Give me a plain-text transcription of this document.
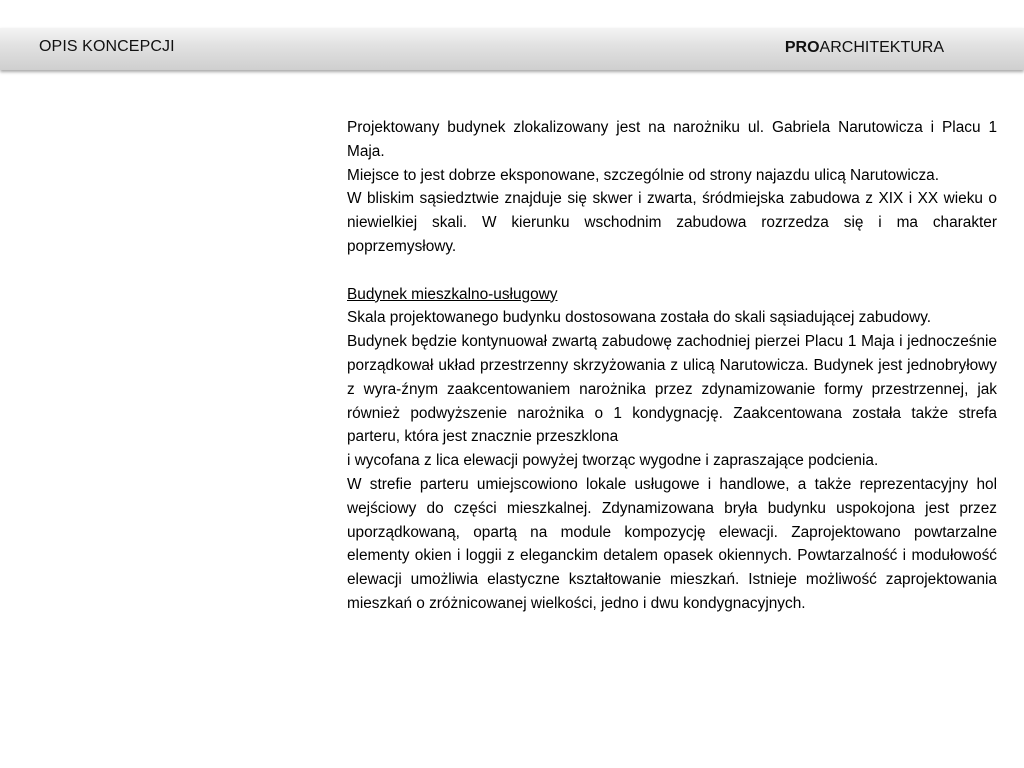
OPIS KONCEPCJI	PROARCHITEKTURA

Projektowany budynek zlokalizowany jest na narożniku ul. Gabriela Narutowicza i Placu 1 Maja.

Miejsce to jest dobrze eksponowane, szczególnie od strony najazdu ulicą Narutowicza.

W bliskim sąsiedztwie znajduje się skwer i zwarta, śródmiejska zabudowa z XIX i XX wieku o niewielkiej skali. W kierunku wschodnim zabudowa rozrzedza się i ma charakter poprzemysłowy.

Budynek mieszkalno-usługowy

Skala projektowanego budynku dostosowana została do skali sąsiadującej zabudowy.

Budynek będzie kontynuował zwartą zabudowę zachodniej pierzei Placu 1 Maja i jednocześnie porządkował układ przestrzenny skrzyżowania z ulicą Narutowicza. Budynek jest jednobryłowy z wyra-źnym zaakcentowaniem narożnika przez zdynamizowanie formy przestrzennej, jak również podwyższenie narożnika o 1 kondygnację. Zaakcentowana została także strefa parteru, która jest znacznie przeszklona

i wycofana z lica elewacji powyżej tworząc wygodne i zapraszające podcienia.

W strefie parteru umiejscowiono lokale usługowe i handlowe, a także reprezentacyjny hol wejściowy do części mieszkalnej. Zdynamizowana bryła budynku uspokojona jest przez uporządkowaną, opartą na module kompozycję elewacji. Zaprojektowano powtarzalne elementy okien i loggii z eleganckim detalem opasek okiennych. Powtarzalność i modułowość elewacji umożliwia elastyczne kształtowanie mieszkań. Istnieje możliwość zaprojektowania mieszkań o zróżnicowanej wielkości, jedno i dwu kondygnacyjnych.
